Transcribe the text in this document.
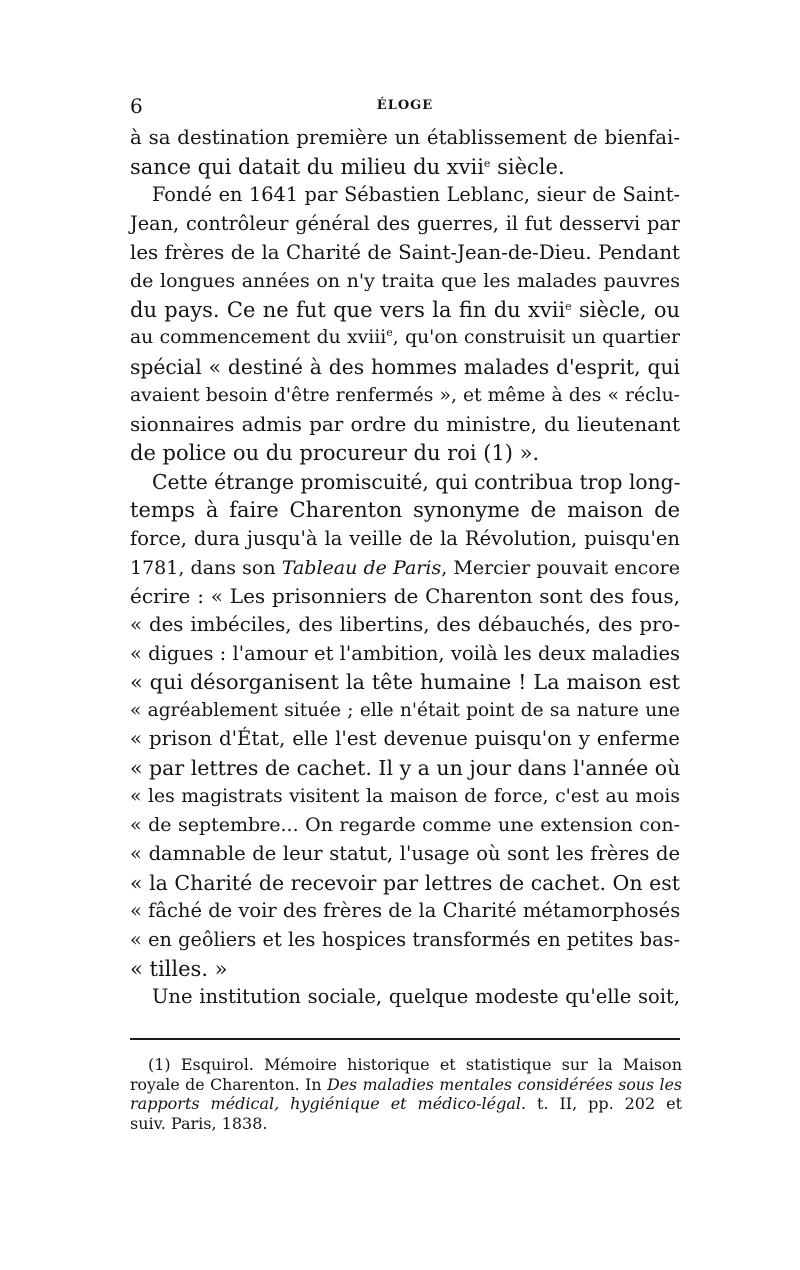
6	ÉLOGE
à sa destination première un établissement de bienfai-
sance qui datait du milieu du xvii$^e$ siècle.
Fondé en 1641 par Sébastien Leblanc, sieur de Saint-
Jean, contrôleur général des guerres, il fut desservi par
les frères de la Charité de Saint-Jean-de-Dieu. Pendant
de longues années on n'y traita que les malades pauvres
du pays. Ce ne fut que vers la fin du xvii$^e$ siècle, ou
au commencement du xviii$^e$, qu'on construisit un quartier
spécial « destiné à des hommes malades d'esprit, qui
avaient besoin d'être renfermés », et même à des « réclu-
sionnaires admis par ordre du ministre, du lieutenant
de police ou du procureur du roi (1) ».
Cette étrange promiscuité, qui contribua trop long-
temps à faire Charenton synonyme de maison de
force, dura jusqu'à la veille de la Révolution, puisqu'en
1781, dans son Tableau de Paris, Mercier pouvait encore
écrire : « Les prisonniers de Charenton sont des fous,
« des imbéciles, des libertins, des débauchés, des pro-
« digues : l'amour et l'ambition, voilà les deux maladies
« qui désorganisent la tête humaine ! La maison est
« agréablement située ; elle n'était point de sa nature une
« prison d'État, elle l'est devenue puisqu'on y enferme
« par lettres de cachet. Il y a un jour dans l'année où
« les magistrats visitent la maison de force, c'est au mois
« de septembre... On regarde comme une extension con-
« damnable de leur statut, l'usage où sont les frères de
« la Charité de recevoir par lettres de cachet. On est
« fâché de voir des frères de la Charité métamorphosés
« en geôliers et les hospices transformés en petites bas-
« tilles. »
Une institution sociale, quelque modeste qu'elle soit,
(1) Esquirol. Mémoire historique et statistique sur la Maison
royale de Charenton. In Des maladies mentales considérées sous les
rapports médical, hygiénique et médico-légal. t. II, pp. 202 et
suiv. Paris, 1838.
